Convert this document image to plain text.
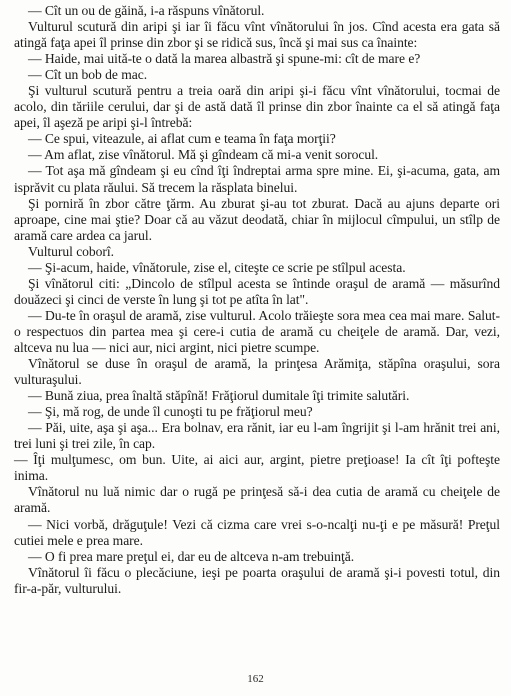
— Cît un ou de găină, i-a răspuns vînătorul.

Vulturul scutură din aripi şi iar îi făcu vînt vînătorului în jos. Cînd acesta era gata să atingă faţa apei îl prinse din zbor şi se ridică sus, încă şi mai sus ca înainte:

— Haide, mai uită-te o dată la marea albastră şi spune-mi: cît de mare e?

— Cît un bob de mac.

Şi vulturul scutură pentru a treia oară din aripi şi-i făcu vînt vînătorului, tocmai de acolo, din tăriile cerului, dar şi de astă dată îl prinse din zbor înainte ca el să atingă faţa apei, îl aşeză pe aripi şi-l întrebă:

— Ce spui, viteazule, ai aflat cum e teama în faţa morţii?

— Am aflat, zise vînătorul. Mă şi gîndeam că mi-a venit sorocul.

— Tot aşa mă gîndeam şi eu cînd îţi îndreptai arma spre mine. Ei, şi-acuma, gata, am isprăvit cu plata răului. Să trecem la răsplata binelui.

Şi porniră în zbor către ţărm. Au zburat şi-au tot zburat. Dacă au ajuns departe ori aproape, cine mai ştie? Doar că au văzut deodată, chiar în mijlocul cîmpului, un stîlp de aramă care ardea ca jarul.

Vulturul coborî.

— Şi-acum, haide, vînătorule, zise el, citeşte ce scrie pe stîlpul acesta.

Şi vînătorul citi: „Dincolo de stîlpul acesta se întinde oraşul de aramă — măsurînd douăzeci şi cinci de verste în lung şi tot pe atîta în lat".

— Du-te în oraşul de aramă, zise vulturul. Acolo trăieşte sora mea cea mai mare. Salut-o respectuos din partea mea şi cere-i cutia de aramă cu cheiţele de aramă. Dar, vezi, altceva nu lua — nici aur, nici argint, nici pietre scumpe.

Vînătorul se duse în oraşul de aramă, la prinţesa Arămiţa, stăpîna oraşului, sora vulturaşului.

— Bună ziua, prea înaltă stăpînă! Frăţiorul dumitale îţi trimite salutări.

— Şi, mă rog, de unde îl cunoşti tu pe frăţiorul meu?

— Păi, uite, aşa şi aşa... Era bolnav, era rănit, iar eu l-am îngrijit şi l-am hrănit trei ani, trei luni şi trei zile, în cap.

— Îţi mulţumesc, om bun. Uite, ai aici aur, argint, pietre preţioase! Ia cît îţi pofteşte inima.

Vînătorul nu luă nimic dar o rugă pe prinţesă să-i dea cutia de aramă cu cheiţele de aramă.

— Nici vorbă, drăguţule! Vezi că cizma care vrei s-o-ncalţi nu-ţi e pe măsură! Preţul cutiei mele e prea mare.

— O fi prea mare preţul ei, dar eu de altceva n-am trebuinţă.

Vînătorul îi făcu o plecăciune, ieşi pe poarta oraşului de aramă şi-i povesti totul, din fir-a-păr, vulturului.

162
